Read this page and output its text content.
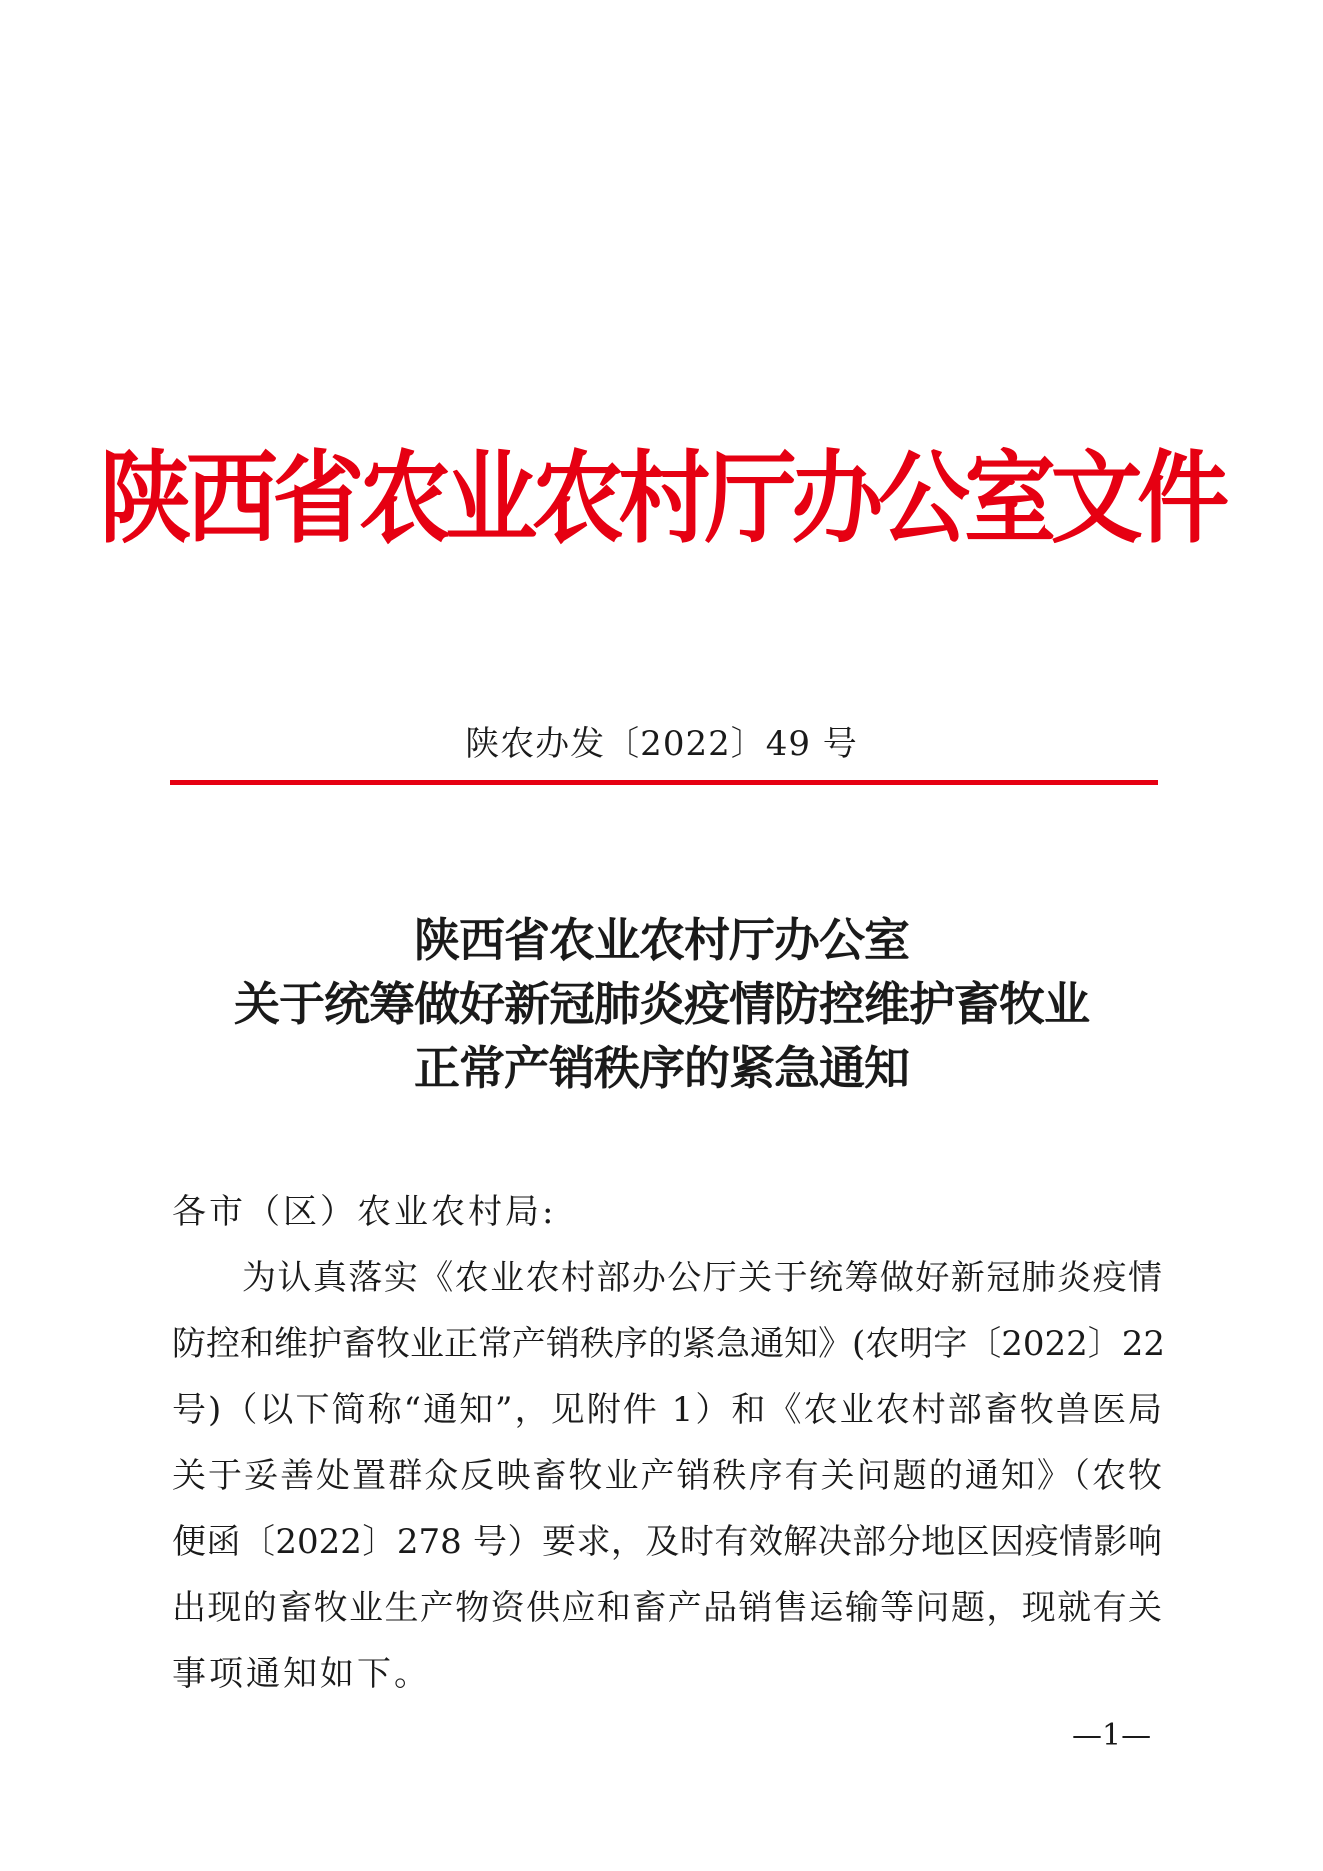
陕西省农业农村厅办公室文件
陕农办发〔2022〕49 号
陕西省农业农村厅办公室
关于统筹做好新冠肺炎疫情防控维护畜牧业
正常产销秩序的紧急通知
各市（区）农业农村局:
为认真落实《农业农村部办公厅关于统筹做好新冠肺炎疫情
防控和维护畜牧业正常产销秩序的紧急通知》(农明字〔2022〕22
号)（以下简称“通知”，见附件 1）和《农业农村部畜牧兽医局
关于妥善处置群众反映畜牧业产销秩序有关问题的通知》（农牧
便函〔2022〕278 号）要求，及时有效解决部分地区因疫情影响
出现的畜牧业生产物资供应和畜产品销售运输等问题，现就有关
事项通知如下。
—1—
